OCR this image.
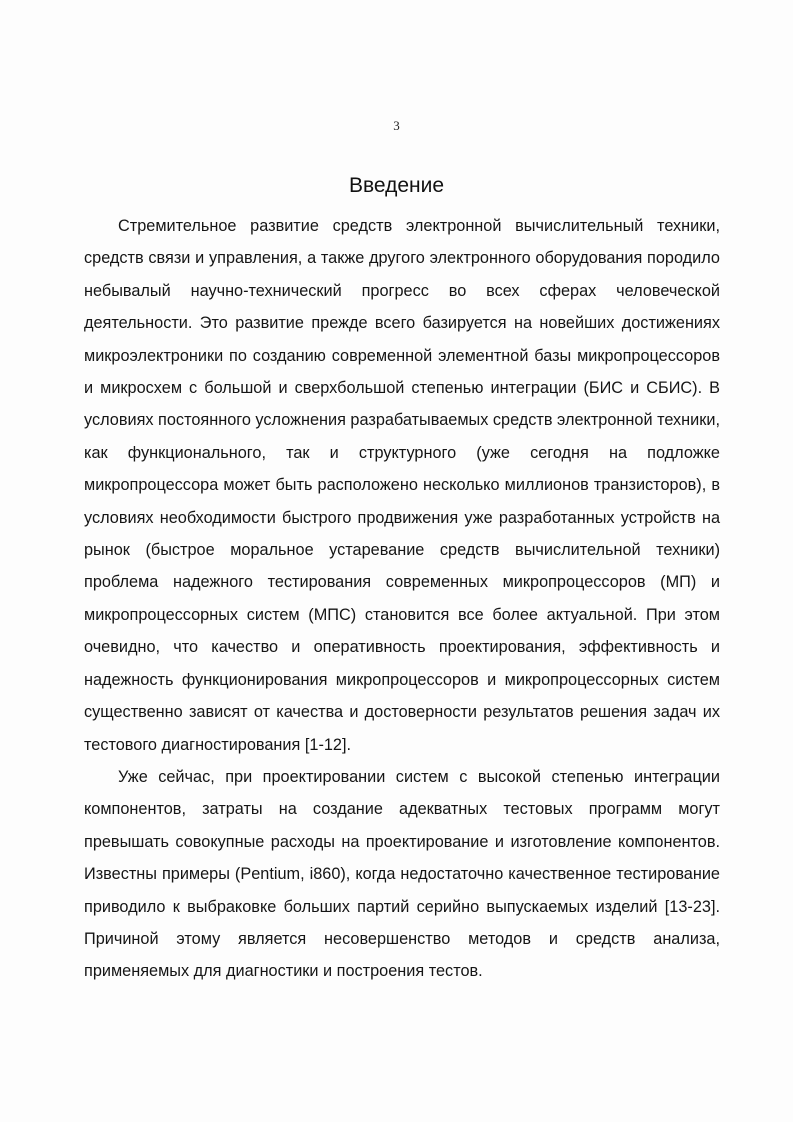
3
Введение

Стремительное развитие средств электронной вычислительный техники, средств связи и управления, а также другого электронного оборудования породило небывалый научно-технический прогресс во всех сферах человеческой деятельности. Это развитие прежде всего базируется на новейших достижениях микроэлектроники по созданию современной элементной базы микропроцессоров и микросхем с большой и сверхбольшой степенью интеграции (БИС и СБИС). В условиях постоянного усложнения разрабатываемых средств электронной техники, как функционального, так и структурного (уже сегодня на подложке микропроцессора может быть расположено несколько миллионов транзисторов), в условиях необходимости быстрого продвижения уже разработанных устройств на рынок (быстрое моральное устаревание средств вычислительной техники) проблема надежного тестирования современных микропроцессоров (МП) и микропроцессорных систем (МПС) становится все более актуальной. При этом очевидно, что качество и оперативность проектирования, эффективность и надежность функционирования микропроцессоров и микропроцессорных систем существенно зависят от качества и достоверности результатов решения задач их тестового диагностирования [1-12].

Уже сейчас, при проектировании систем с высокой степенью интеграции компонентов, затраты на создание адекватных тестовых программ могут превышать совокупные расходы на проектирование и изготовление компонентов. Известны примеры (Pentium, i860), когда недостаточно качественное тестирование приводило к выбраковке больших партий серийно выпускаемых изделий [13-23]. Причиной этому является несовершенство методов и средств анализа, применяемых для диагностики и построения тестов.
